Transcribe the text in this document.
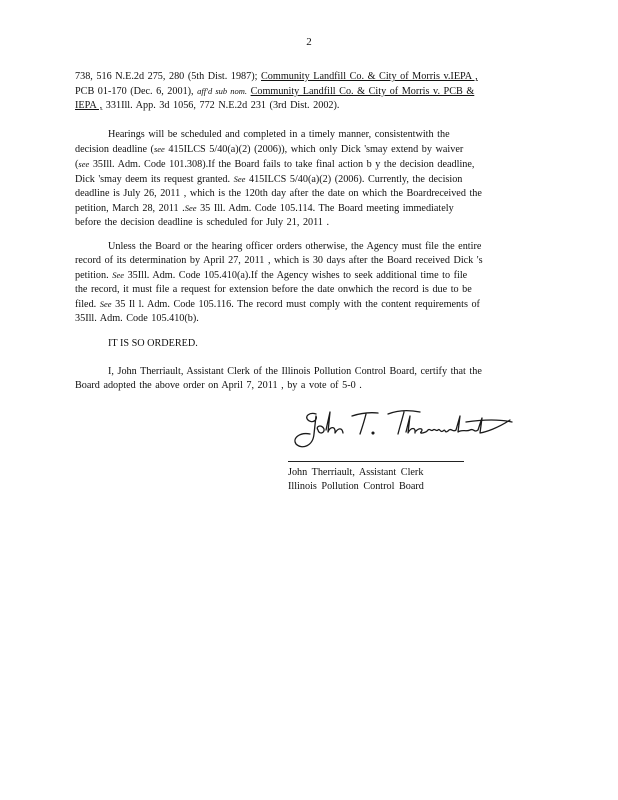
2
738, 516 N.E.2d 275, 280 (5th Dist. 1987); Community Landfill Co. & City of Morris v.IEPA ,
PCB 01-170 (Dec. 6, 2001), aff'd sub nom. Community Landfill Co. & City of Morris v. PCB &
IEPA , 331Ill. App. 3d 1056, 772 N.E.2d 231 (3rd Dist. 2002).
Hearings will be scheduled and completed in a timely manner, consistentwith the
decision deadline (see 415ILCS 5/40(a)(2) (2006)), which only Dick 'smay extend by waiver
(see 35Ill. Adm. Code 101.308).If the Board fails to take final action b y the decision deadline,
Dick 'smay deem its request granted. See 415ILCS 5/40(a)(2) (2006). Currently, the decision
deadline is July 26, 2011 , which is the 120th day after the date on which the Boardreceived the
petition, March 28, 2011 .See 35 Ill. Adm. Code 105.114. The Board meeting immediately
before the decision deadline is scheduled for July 21, 2011 .
Unless the Board or the hearing officer orders otherwise, the Agency must file the entire
record of its determination by April 27, 2011 , which is 30 days after the Board received Dick 's
petition. See 35Ill. Adm. Code 105.410(a).If the Agency wishes to seek additional time to file
the record, it must file a request for extension before the date onwhich the record is due to be
filed. See 35 Il l. Adm. Code 105.116. The record must comply with the content requirements of
35Ill. Adm. Code 105.410(b).
IT IS SO ORDERED.
I, John Therriault, Assistant Clerk of the Illinois Pollution Control Board, certify that the
Board adopted the above order on April 7, 2011 , by a vote of 5-0 .
John Therriault, Assistant Clerk
Illinois Pollution Control Board
